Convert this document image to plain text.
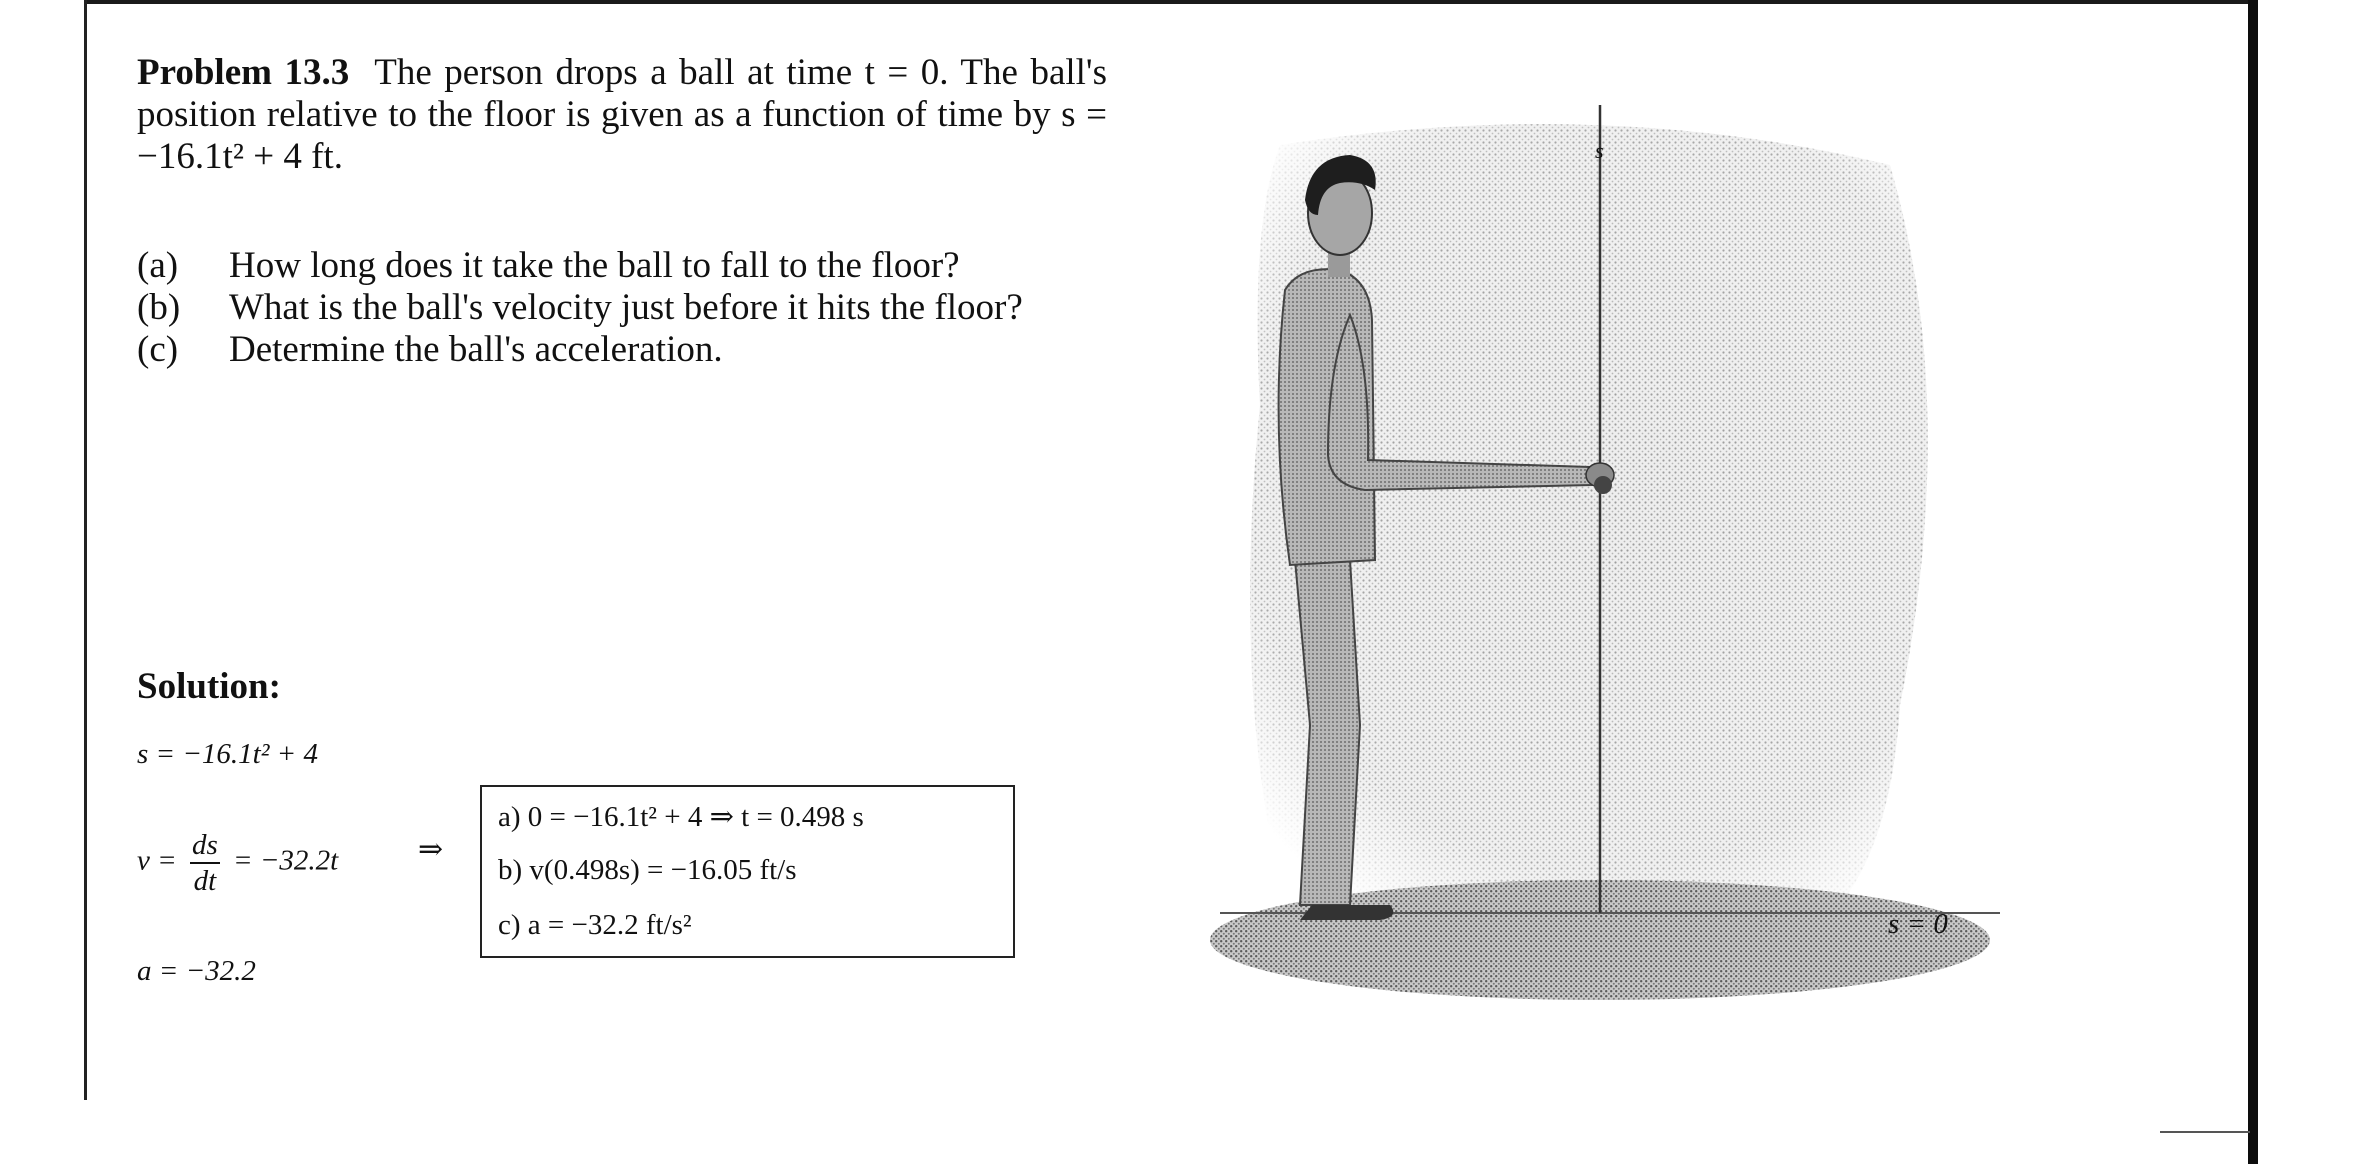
Problem 13.3 The person drops a ball at time t = 0. The ball's position relative to the floor is given as a function of time by s = −16.1t² + 4 ft.
(a)	How long does it take the ball to fall to the floor?
(b)	What is the ball's velocity just before it hits the floor?
(c)	Determine the ball's acceleration.
Solution:
s = −16.1t² + 4
$v = \frac{ds}{dt} = -32.2t$	⇒
a = −32.2
a) 0 = −16.1t² + 4 ⇒ t = 0.498 s
b) v(0.498s) = −16.05 ft/s
c) a = −32.2 ft/s²
s
s = 0
